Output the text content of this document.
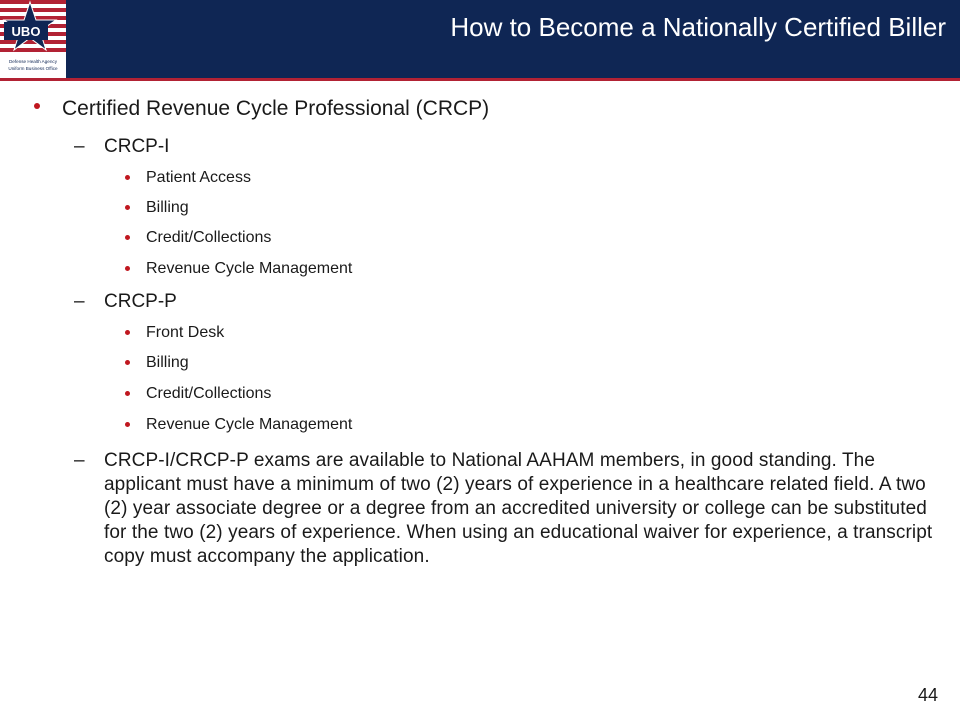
UBO
Defense Health Agency
Uniform Business Office
How to Become a Nationally Certified Biller
Certified Revenue Cycle Professional (CRCP)
– CRCP-I
Patient Access
Billing
Credit/Collections
Revenue Cycle Management
– CRCP-P
Front Desk
Billing
Credit/Collections
Revenue Cycle Management
– CRCP-I/CRCP-P exams are available to National AAHAM members, in good standing. The applicant must have a minimum of two (2) years of experience in a healthcare related field. A two (2) year associate degree or a degree from an accredited university or college can be substituted for the two (2) years of experience. When using an educational waiver for experience, a transcript copy must accompany the application.
44
